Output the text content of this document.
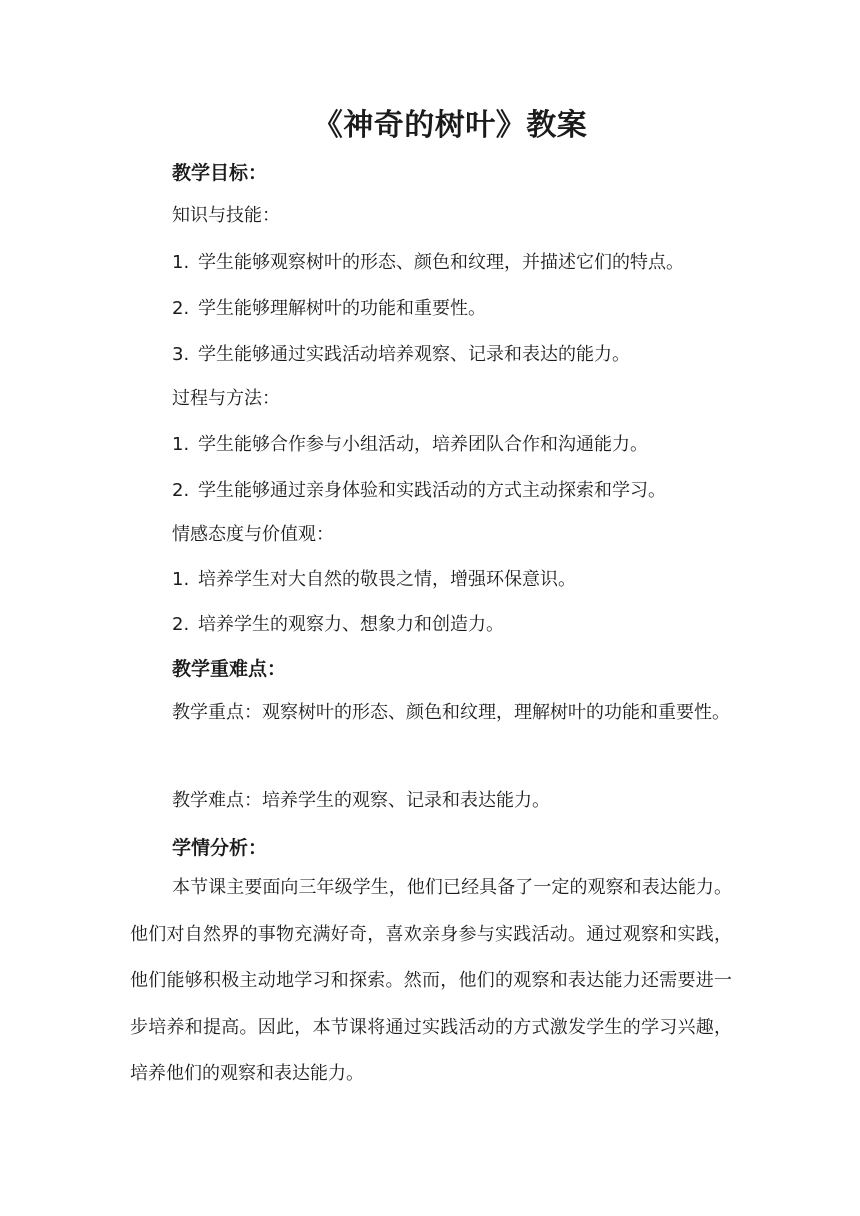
《神奇的树叶》教案
教学目标：

知识与技能：

1. 学生能够观察树叶的形态、颜色和纹理，并描述它们的特点。

2. 学生能够理解树叶的功能和重要性。

3. 学生能够通过实践活动培养观察、记录和表达的能力。

过程与方法：

1. 学生能够合作参与小组活动，培养团队合作和沟通能力。

2. 学生能够通过亲身体验和实践活动的方式主动探索和学习。

情感态度与价值观：

1. 培养学生对大自然的敬畏之情，增强环保意识。

2. 培养学生的观察力、想象力和创造力。

教学重难点：

教学重点：观察树叶的形态、颜色和纹理，理解树叶的功能和重要性。

教学难点：培养学生的观察、记录和表达能力。

学情分析：

本节课主要面向三年级学生，他们已经具备了一定的观察和表达能力。他们对自然界的事物充满好奇，喜欢亲身参与实践活动。通过观察和实践，他们能够积极主动地学习和探索。然而，他们的观察和表达能力还需要进一步培养和提高。因此，本节课将通过实践活动的方式激发学生的学习兴趣，培养他们的观察和表达能力。
